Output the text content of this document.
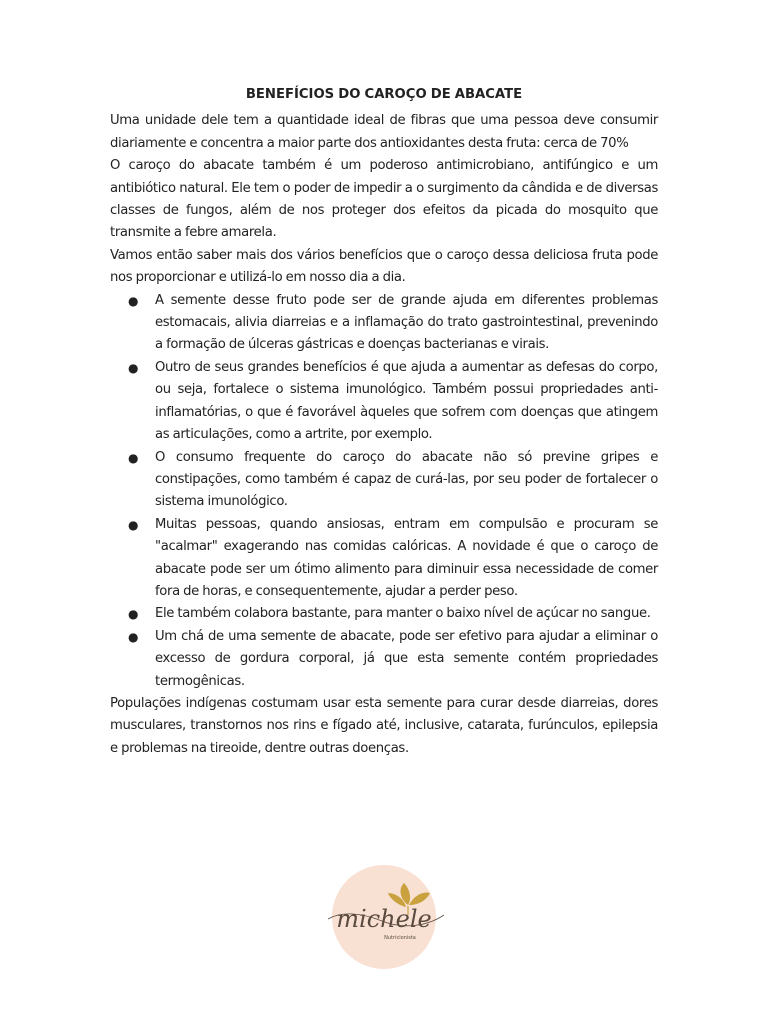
BENEFÍCIOS DO CAROÇO DE ABACATE

Uma unidade dele tem a quantidade ideal de fibras que uma pessoa deve consumir diariamente e concentra a maior parte dos antioxidantes desta fruta: cerca de 70%

O caroço do abacate também é um poderoso antimicrobiano, antifúngico e um antibiótico natural. Ele tem o poder de impedir a o surgimento da cândida e de diversas classes de fungos, além de nos proteger dos efeitos da picada do mosquito que transmite a febre amarela.

Vamos então saber mais dos vários benefícios que o caroço dessa deliciosa fruta pode nos proporcionar e utilizá-lo em nosso dia a dia.

● A semente desse fruto pode ser de grande ajuda em diferentes problemas estomacais, alivia diarreias e a inflamação do trato gastrointestinal, prevenindo a formação de úlceras gástricas e doenças bacterianas e virais.
● Outro de seus grandes benefícios é que ajuda a aumentar as defesas do corpo, ou seja, fortalece o sistema imunológico. Também possui propriedades anti-inflamatórias, o que é favorável àqueles que sofrem com doenças que atingem as articulações, como a artrite, por exemplo.
● O consumo frequente do caroço do abacate não só previne gripes e constipações, como também é capaz de curá-las, por seu poder de fortalecer o sistema imunológico.
● Muitas pessoas, quando ansiosas, entram em compulsão e procuram se "acalmar" exagerando nas comidas calóricas. A novidade é que o caroço de abacate pode ser um ótimo alimento para diminuir essa necessidade de comer fora de horas, e consequentemente, ajudar a perder peso.
● Ele também colabora bastante, para manter o baixo nível de açúcar no sangue.
● Um chá de uma semente de abacate, pode ser efetivo para ajudar a eliminar o excesso de gordura corporal, já que esta semente contém propriedades termogênicas.

Populações indígenas costumam usar esta semente para curar desde diarreias, dores musculares, transtornos nos rins e fígado até, inclusive, catarata, furúnculos, epilepsia e problemas na tireoide, dentre outras doenças.

michele
Nutricionista
